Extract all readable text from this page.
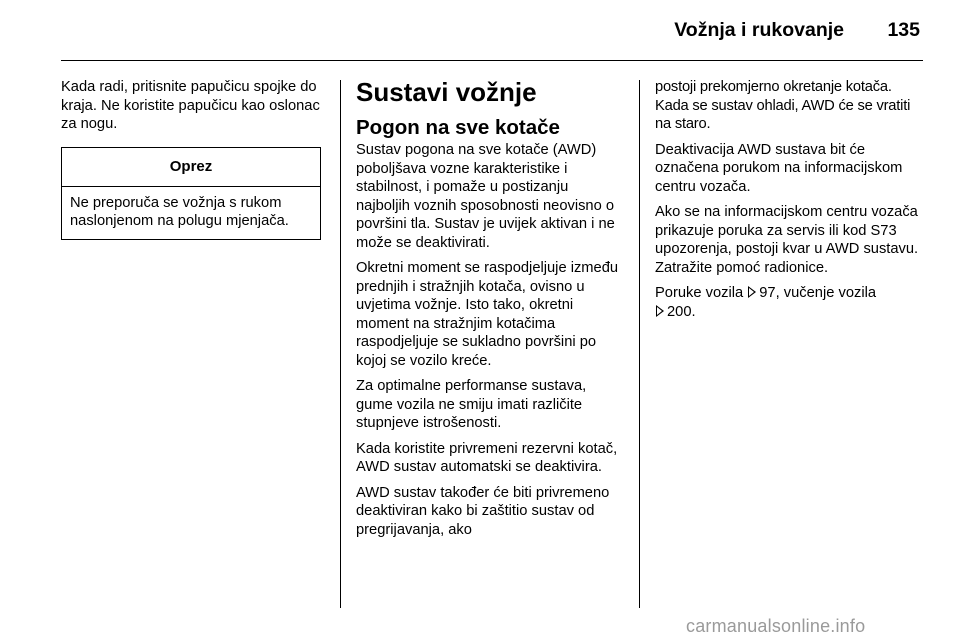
Vožnja i rukovanje	135

Kada radi, pritisnite papučicu spojke do kraja. Ne koristite papučicu kao oslonac za nogu.

Oprez
Ne preporuča se vožnja s rukom naslonjenom na polugu mjenjača.
Sustavi vožnje
Pogon na sve kotače

Sustav pogona na sve kotače (AWD) poboljšava vozne karakteristike i stabilnost, i pomaže u postizanju najboljih voznih sposobnosti neovisno o površini tla. Sustav je uvijek aktivan i ne može se deaktivirati.

Okretni moment se raspodjeljuje između prednjih i stražnjih kotača, ovisno u uvjetima vožnje. Isto tako, okretni moment na stražnjim kotačima raspodjeljuje se sukladno površini po kojoj se vozilo kreće.

Za optimalne performanse sustava, gume vozila ne smiju imati različite stupnjeve istrošenosti.

Kada koristite privremeni rezervni kotač, AWD sustav automatski se deaktivira.

AWD sustav također će biti privremeno deaktiviran kako bi zaštitio sustav od pregrijavanja, ako

postoji prekomjerno okretanje kotača. Kada se sustav ohladi, AWD će se vratiti na staro.

Deaktivacija AWD sustava bit će označena porukom na informacijskom centru vozača.

Ako se na informacijskom centru vozača prikazuje poruka za servis ili kod S73 upozorenja, postoji kvar u AWD sustavu. Zatražite pomoć radionice.

Poruke vozila 97, vučenje vozila
200.

carmanualsonline.info
